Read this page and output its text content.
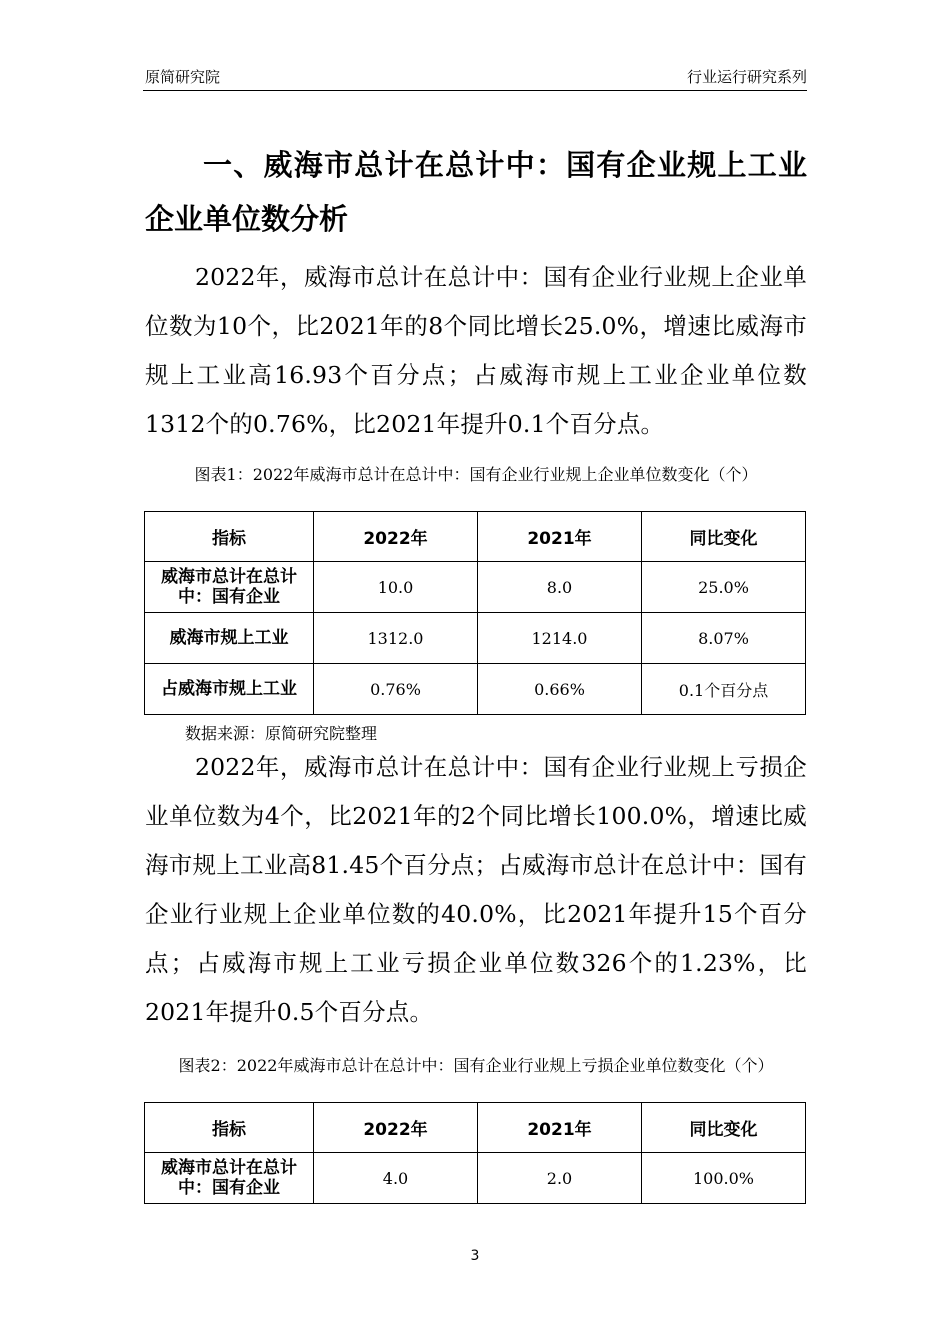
原简研究院	行业运行研究系列
一、威海市总计在总计中：国有企业规上工业企业单位数分析
2022年，威海市总计在总计中：国有企业行业规上企业单位数为10个，比2021年的8个同比增长25.0%，增速比威海市规上工业高16.93个百分点；占威海市规上工业企业单位数1312个的0.76%，比2021年提升0.1个百分点。
图表1：2022年威海市总计在总计中：国有企业行业规上企业单位数变化（个）
指标	2022年	2021年	同比变化
威海市总计在总计中：国有企业	10.0	8.0	25.0%
威海市规上工业	1312.0	1214.0	8.07%
占威海市规上工业	0.76%	0.66%	0.1个百分点
数据来源：原简研究院整理
2022年，威海市总计在总计中：国有企业行业规上亏损企业单位数为4个，比2021年的2个同比增长100.0%，增速比威海市规上工业高81.45个百分点；占威海市总计在总计中：国有企业行业规上企业单位数的40.0%，比2021年提升15个百分点；占威海市规上工业亏损企业单位数326个的1.23%，比2021年提升0.5个百分点。
图表2：2022年威海市总计在总计中：国有企业行业规上亏损企业单位数变化（个）
指标	2022年	2021年	同比变化
威海市总计在总计中：国有企业	4.0	2.0	100.0%
3
